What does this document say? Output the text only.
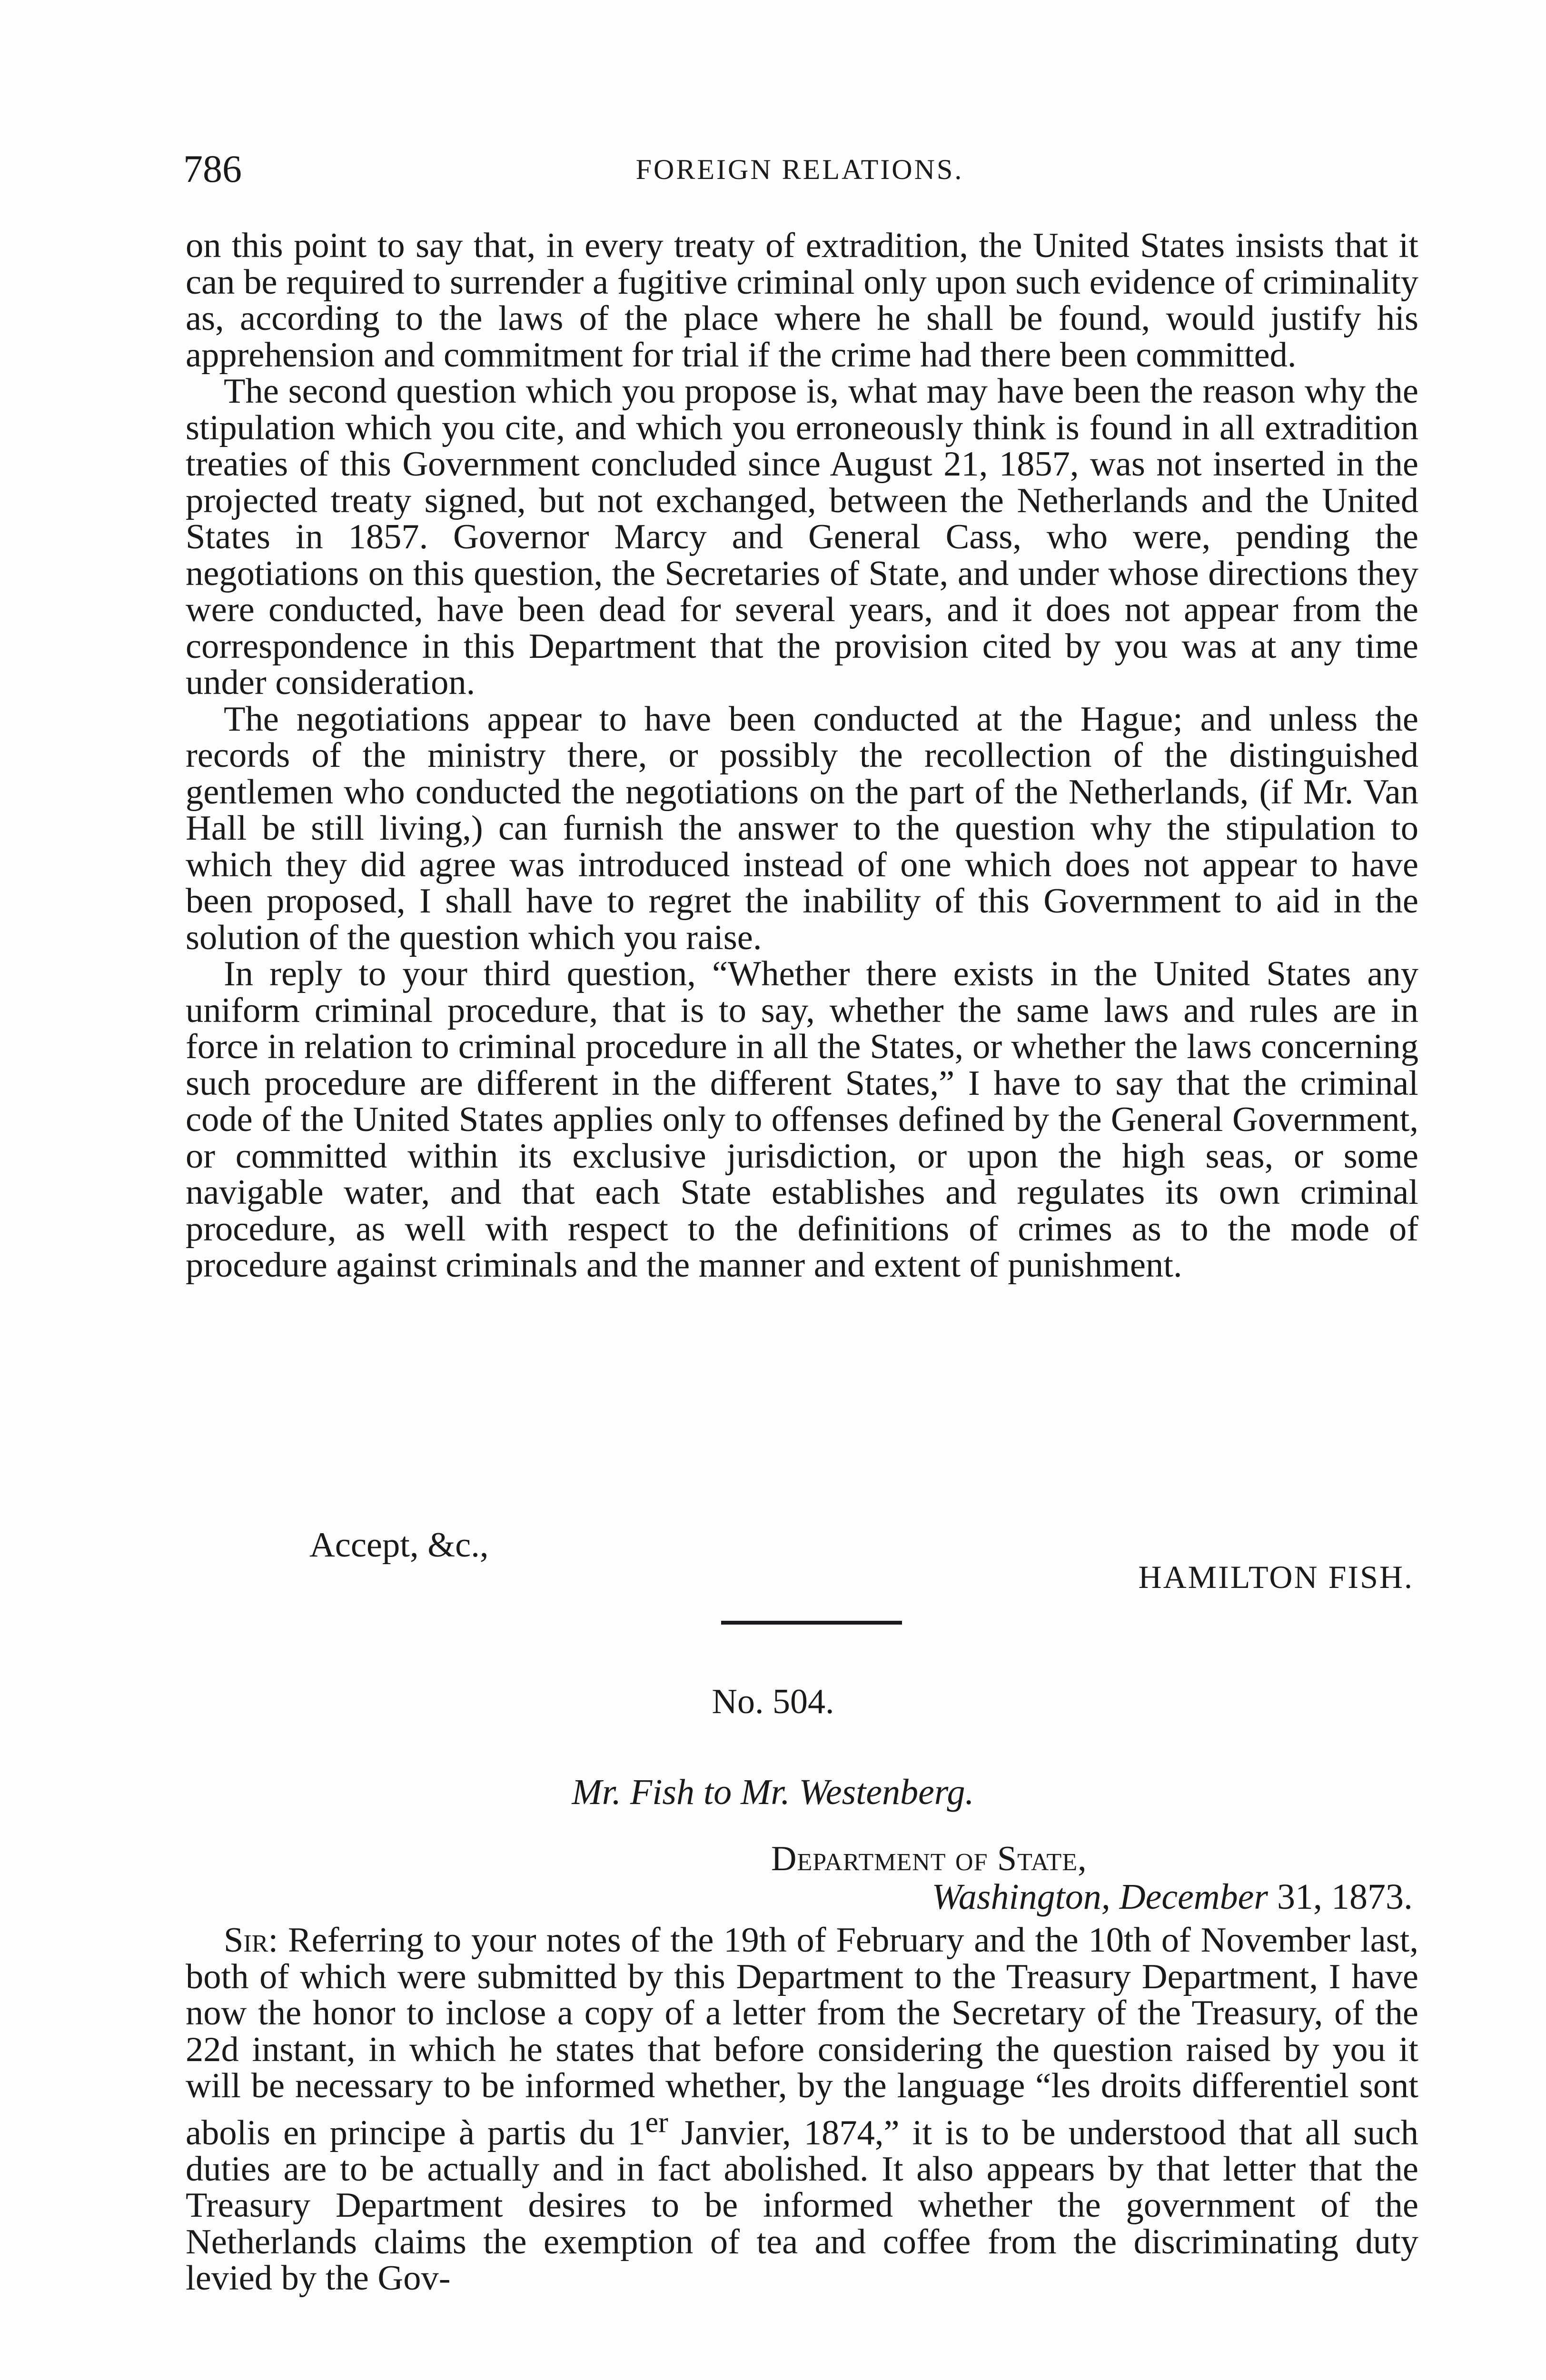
786	FOREIGN RELATIONS.

on this point to say that, in every treaty of extradition, the United States insists that it can be required to surrender a fugitive criminal only upon such evidence of criminality as, according to the laws of the place where he shall be found, would justify his apprehension and commitment for trial if the crime had there been committed.

The second question which you propose is, what may have been the reason why the stipulation which you cite, and which you erroneously think is found in all extradition treaties of this Government concluded since August 21, 1857, was not inserted in the projected treaty signed, but not exchanged, between the Netherlands and the United States in 1857. Governor Marcy and General Cass, who were, pending the negotiations on this question, the Secretaries of State, and under whose directions they were conducted, have been dead for several years, and it does not appear from the correspondence in this Department that the provision cited by you was at any time under consideration.

The negotiations appear to have been conducted at the Hague; and unless the records of the ministry there, or possibly the recollection of the distinguished gentlemen who conducted the negotiations on the part of the Netherlands, (if Mr. Van Hall be still living,) can furnish the answer to the question why the stipulation to which they did agree was introduced instead of one which does not appear to have been proposed, I shall have to regret the inability of this Government to aid in the solution of the question which you raise.

In reply to your third question, “Whether there exists in the United States any uniform criminal procedure, that is to say, whether the same laws and rules are in force in relation to criminal procedure in all the States, or whether the laws concerning such procedure are different in the different States,” I have to say that the criminal code of the United States applies only to offenses defined by the General Government, or committed within its exclusive jurisdiction, or upon the high seas, or some navigable water, and that each State establishes and regulates its own criminal procedure, as well with respect to the definitions of crimes as to the mode of procedure against criminals and the manner and extent of punishment.

Accept, &c.,
HAMILTON FISH.
No. 504.
Mr. Fish to Mr. Westenberg.
Department of State,
Washington, December 31, 1873.

Sir: Referring to your notes of the 19th of February and the 10th of November last, both of which were submitted by this Department to the Treasury Department, I have now the honor to inclose a copy of a letter from the Secretary of the Treasury, of the 22d instant, in which he states that before considering the question raised by you it will be necessary to be informed whether, by the language “les droits differentiel sont abolis en principe à partis du 1er Janvier, 1874,” it is to be understood that all such duties are to be actually and in fact abolished. It also appears by that letter that the Treasury Department desires to be informed whether the government of the Netherlands claims the exemption of tea and coffee from the discriminating duty levied by the Gov-
